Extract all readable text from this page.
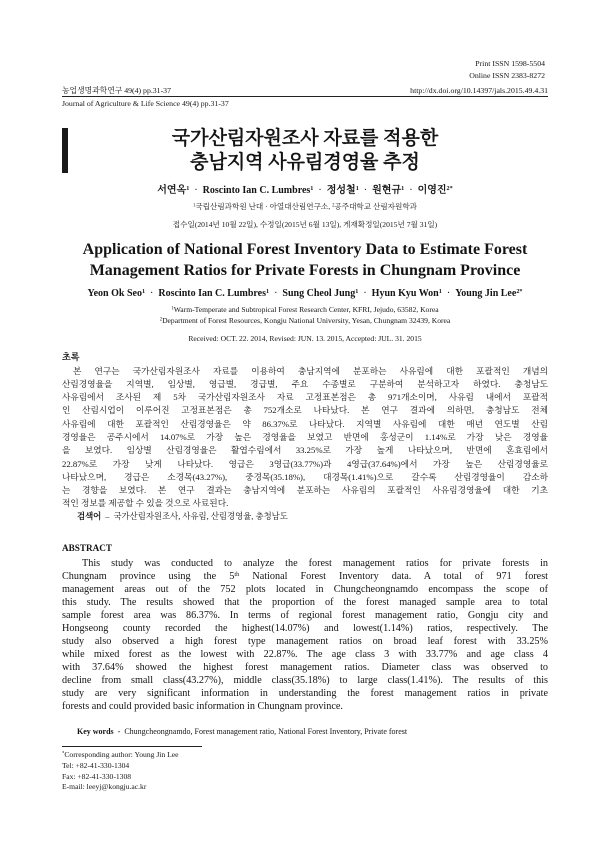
Print ISSN 1598-5504
Online ISSN 2383-8272
농업생명과학연구 49(4) pp.31-37	http://dx.doi.org/10.14397/jals.2015.49.4.31
Journal of Agriculture & Life Science 49(4) pp.31-37
국가산림자원조사 자료를 적용한
충남지역 사유림경영율 추정
서연옥$^1$ · Roscinto Ian C. Lumbres$^1$ · 정성철$^1$ · 원현규$^1$ · 이영진$^{2*}$
$^1$국립산림과학원 난대 · 아열대산림연구소, $^2$공주대학교 산림자원학과
접수일(2014년 10월 22일), 수정일(2015년 6월 13일), 게재확정일(2015년 7월 31일)
Application of National Forest Inventory Data to Estimate Forest
Management Ratios for Private Forests in Chungnam Province
Yeon Ok Seo$^1$ · Roscinto Ian C. Lumbres$^1$ · Sung Cheol Jung$^1$ · Hyun Kyu Won$^1$ · Young Jin Lee$^{2*}$
$^1$Warm-Temperate and Subtropical Forest Research Center, KFRI, Jejudo, 63582, Korea
$^2$Department of Forest Resources, Kongju National University, Yesan, Chungnam 32439, Korea
Received: OCT. 22. 2014, Revised: JUN. 13. 2015, Accepted: JUL. 31. 2015
초록
본 연구는 국가산림자원조사 자료를 이용하여 충남지역에 분포하는 사유림에 대한 포괄적인 개념의
산림경영율을 지역별, 임상별, 영급별, 경급별, 주요 수종별로 구분하여 분석하고자 하였다. 충청남도
사유림에서 조사된 제 5차 국가산림자원조사 자료 고정표본점은 총 971개소이며, 사유림 내에서 포괄적
인 산림시업이 이루어진 고정표본점은 총 752개소로 나타났다. 본 연구 결과에 의하면, 충청남도 전체
사유림에 대한 포괄적인 산림경영율은 약 86.37%로 나타났다. 지역별 사유림에 대한 매년 연도별 산림
경영율은 공주시에서 14.07%로 가장 높은 경영율을 보였고 반면에 홍성군이 1.14%로 가장 낮은 경영율
을 보였다. 임상별 산림경영율은 활엽수림에서 33.25%로 가장 높게 나타났으며, 반면에 혼효림에서
22.87%로 가장 낮게 나타났다. 영급은 3영급(33.77%)과 4영급(37.64%)에서 가장 높은 산림경영율로
나타났으며, 경급은 소경목(43.27%), 중경목(35.18%), 대경목(1.41%)으로 갈수록 산림경영율이 감소하
는 경향을 보였다. 본 연구 결과는 충남지역에 분포하는 사유림의 포괄적인 사유림경영율에 대한 기초
적인 정보를 제공할 수 있을 것으로 사료된다.
검색어 – 국가산림자원조사, 사유림, 산림경영율, 충청남도
ABSTRACT
This study was conducted to analyze the forest management ratios for private forests in
Chungnam province using the 5th National Forest Inventory data. A total of 971 forest
management areas out of the 752 plots located in Chungcheongnamdo encompass the scope of
this study. The results showed that the proportion of the forest managed sample area to total
sample forest area was 86.37%. In terms of regional forest management ratio, Gongju city and
Hongseong county recorded the highest(14.07%) and lowest(1.14%) ratios, respectively. The
study also observed a high forest type management ratios on broad leaf forest with 33.25%
while mixed forest as the lowest with 22.87%. The age class 3 with 33.77% and age class 4
with 37.64% showed the highest forest management ratios. Diameter class was observed to
decline from small class(43.27%), middle class(35.18%) to large class(1.41%). The results of this
study are very significant information in understanding the forest management ratios in private
forests and could provided basic information in Chungnam province.
Key words - Chungcheongnamdo, Forest management ratio, National Forest Inventory, Private forest
*Corresponding author: Young Jin Lee
Tel: +82-41-330-1304
Fax: +82-41-330-1308
E-mail: leeyj@kongju.ac.kr
